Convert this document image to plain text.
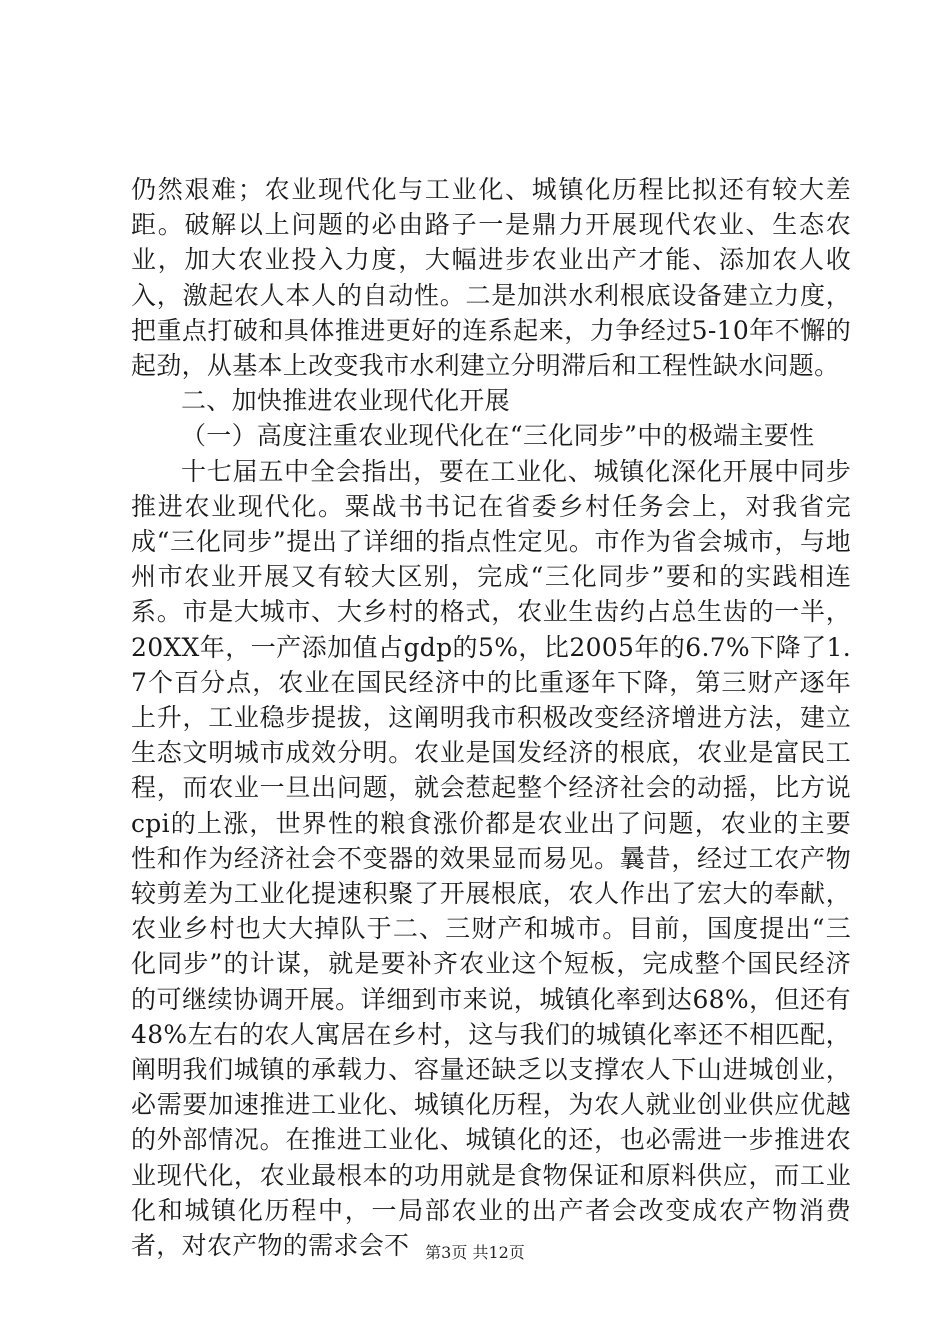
仍然艰难；农业现代化与工业化、城镇化历程比拟还有较大差距。破解以上问题的必由路子一是鼎力开展现代农业、生态农业，加大农业投入力度，大幅进步农业出产才能、添加农人收入，激起农人本人的自动性。二是加洪水利根底设备建立力度，把重点打破和具体推进更好的连系起来，力争经过5-10年不懈的起劲，从基本上改变我市水利建立分明滞后和工程性缺水问题。

二、加快推进农业现代化开展

（一）高度注重农业现代化在“三化同步”中的极端主要性

十七届五中全会指出，要在工业化、城镇化深化开展中同步推进农业现代化。粟战书书记在省委乡村任务会上，对我省完成“三化同步”提出了详细的指点性定见。市作为省会城市，与地州市农业开展又有较大区别，完成“三化同步”要和的实践相连系。市是大城市、大乡村的格式，农业生齿约占总生齿的一半，20XX年，一产添加值占gdp的5%，比2005年的6.7%下降了1.7个百分点，农业在国民经济中的比重逐年下降，第三财产逐年上升，工业稳步提拔，这阐明我市积极改变经济增进方法，建立生态文明城市成效分明。农业是国发经济的根底，农业是富民工程，而农业一旦出问题，就会惹起整个经济社会的动摇，比方说cpi的上涨，世界性的粮食涨价都是农业出了问题，农业的主要性和作为经济社会不变器的效果显而易见。曩昔，经过工农产物较剪差为工业化提速积聚了开展根底，农人作出了宏大的奉献，农业乡村也大大掉队于二、三财产和城市。目前，国度提出“三化同步”的计谋，就是要补齐农业这个短板，完成整个国民经济的可继续协调开展。详细到市来说，城镇化率到达68%，但还有48%左右的农人寓居在乡村，这与我们的城镇化率还不相匹配，阐明我们城镇的承载力、容量还缺乏以支撑农人下山进城创业，必需要加速推进工业化、城镇化历程，为农人就业创业供应优越的外部情况。在推进工业化、城镇化的还，也必需进一步推进农业现代化，农业最根本的功用就是食物保证和原料供应，而工业化和城镇化历程中，一局部农业的出产者会改变成农产物消费者，对农产物的需求会不 第3页 共12页
